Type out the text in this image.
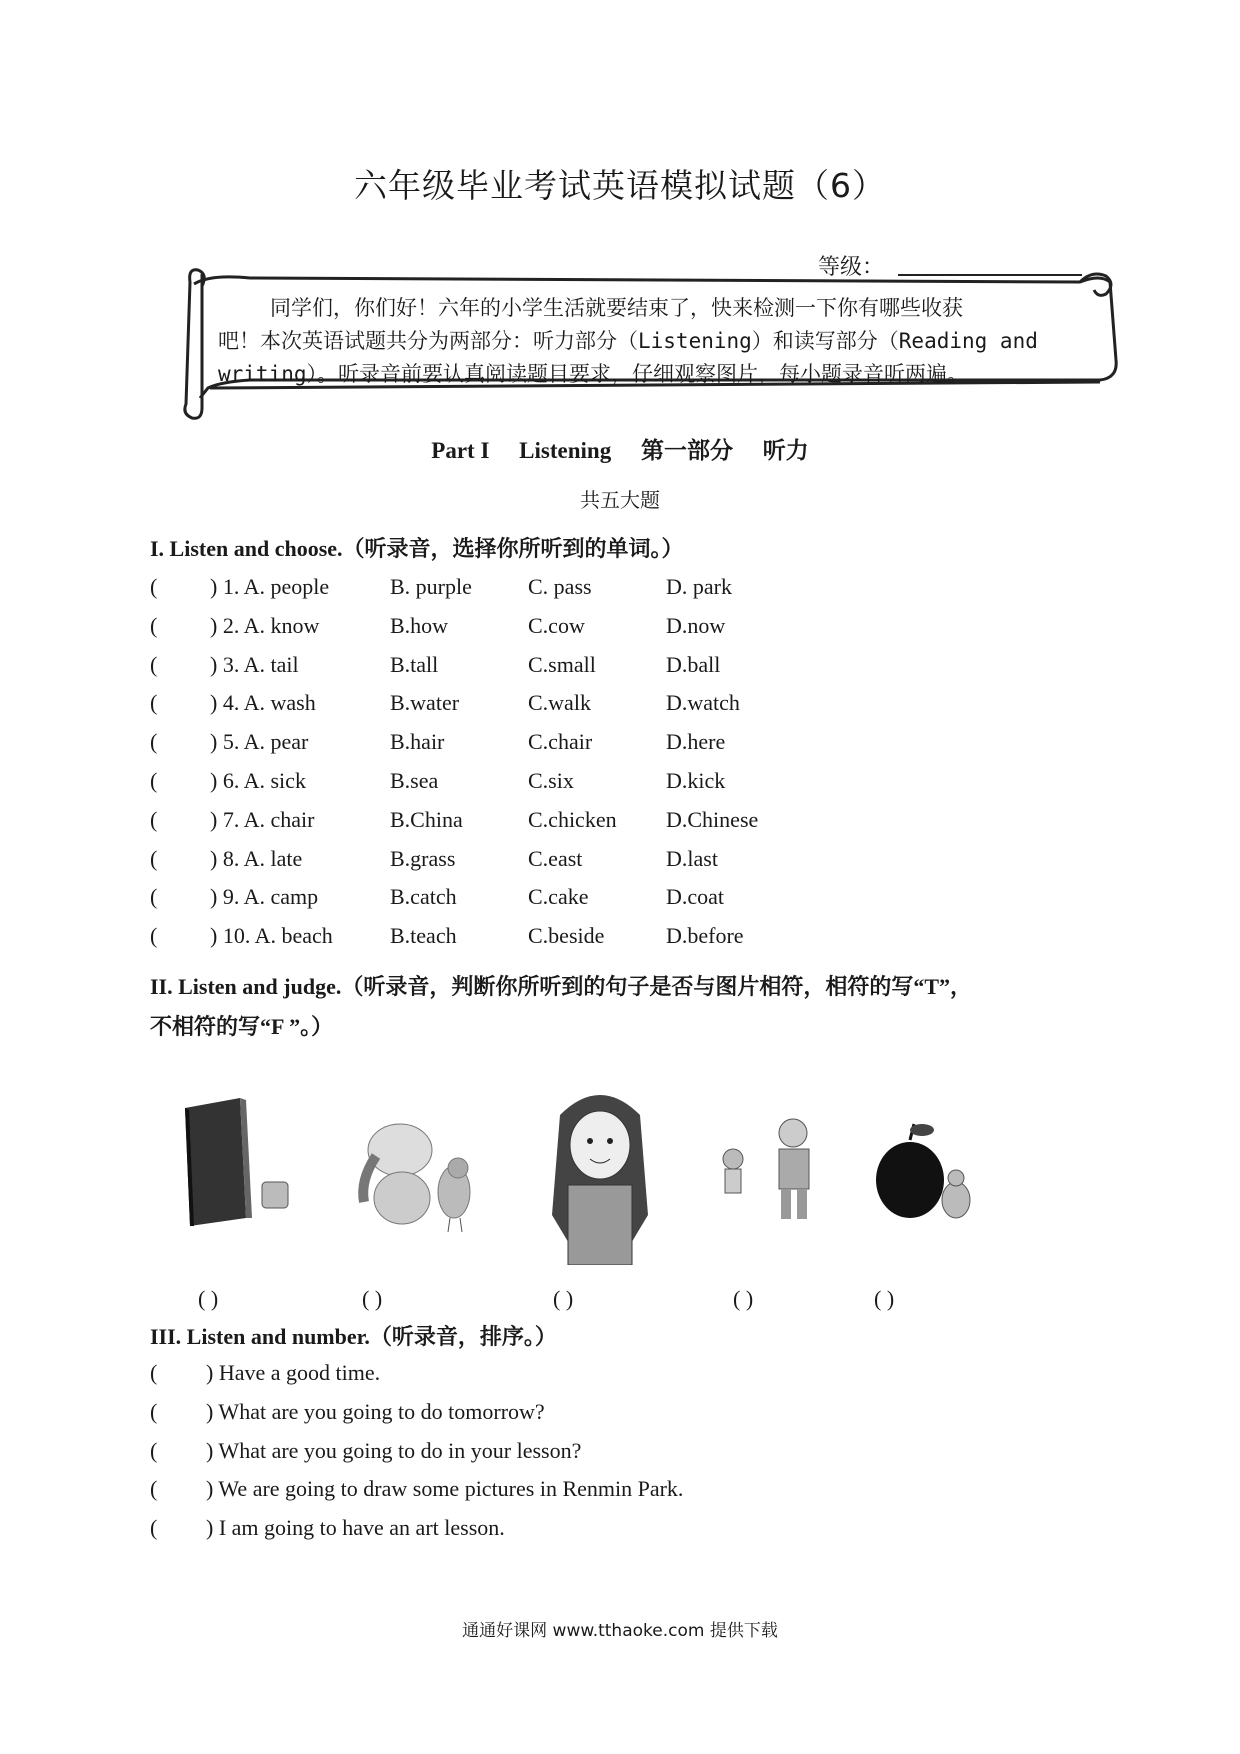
六年级毕业考试英语模拟试题（6）
等级：

同学们，你们好！六年的小学生活就要结束了，快来检测一下你有哪些收获

吧！本次英语试题共分为两部分：听力部分（Listening）和读写部分（Reading and

writing）。听录音前要认真阅读题目要求，仔细观察图片，每小题录音听两遍。

Part I Listening 第一部分 听力
共五大题
I. Listen and choose.（听录音，选择你所听到的单词。）
( ) 1. A. people	B. purple	C. pass	D. park
( ) 2. A. know	B.how	C.cow	D.now
( ) 3. A. tail	B.tall	C.small	D.ball
( ) 4. A. wash	B.water	C.walk	D.watch
( ) 5. A. pear	B.hair	C.chair	D.here
( ) 6. A. sick	B.sea	C.six	D.kick
( ) 7. A. chair	B.China	C.chicken D.Chinese
( ) 8. A. late	B.grass	C.east	D.last
( ) 9. A. camp	B.catch	C.cake	D.coat
( ) 10. A. beach	B.teach	C.beside	D.before
II. Listen and judge.（听录音，判断你所听到的句子是否与图片相符，相符的写“T”，
不相符的写“F ”。）
( )	( )	( )	( )	( )
III. Listen and number.（听录音，排序。）
( ) Have a good time.
( ) What are you going to do tomorrow?
( ) What are you going to do in your lesson?
( ) We are going to draw some pictures in Renmin Park.
( ) I am going to have an art lesson.
通通好课网 www.tthaoke.com 提供下载
